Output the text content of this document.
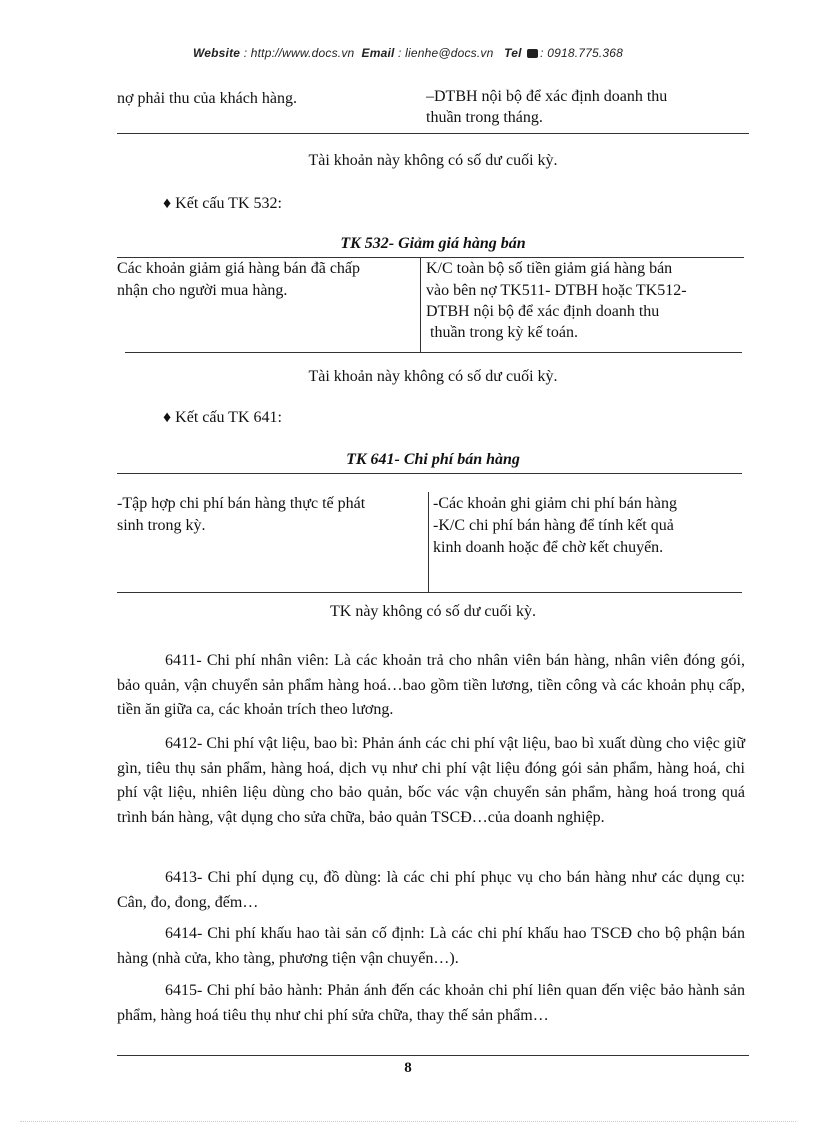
Website : http://www.docs.vn Email : lienhe@docs.vn Tel : 0918.775.368
nợ phải thu của khách hàng.	–DTBH nội bộ để xác định doanh thu
thuần trong tháng.
Tài khoản này không có số dư cuối kỳ.
♦ Kết cấu TK 532:
TK 532- Giảm giá hàng bán
Các khoản giảm giá hàng bán đã chấp
nhận cho người mua hàng.
K/C toàn bộ số tiền giảm giá hàng bán
vào bên nợ TK511- DTBH hoặc TK512-
DTBH nội bộ để xác định doanh thu
thuần trong kỳ kế toán.
Tài khoản này không có số dư cuối kỳ.
♦ Kết cấu TK 641:
TK 641- Chi phí bán hàng
-Tập hợp chi phí bán hàng thực tế phát
sinh trong kỳ.
-Các khoản ghi giảm chi phí bán hàng
-K/C chi phí bán hàng để tính kết quả
kinh doanh hoặc để chờ kết chuyển.
TK này không có số dư cuối kỳ.
6411- Chi phí nhân viên: Là các khoản trả cho nhân viên bán hàng, nhân viên đóng gói, bảo quản, vận chuyển sản phẩm hàng hoá…bao gồm tiền lương, tiền công và các khoản phụ cấp, tiền ăn giữa ca, các khoản trích theo lương.
6412- Chi phí vật liệu, bao bì: Phản ánh các chi phí vật liệu, bao bì xuất dùng cho việc giữ gìn, tiêu thụ sản phẩm, hàng hoá, dịch vụ như chi phí vật liệu đóng gói sản phẩm, hàng hoá, chi phí vật liệu, nhiên liệu dùng cho bảo quản, bốc vác vận chuyển sản phẩm, hàng hoá trong quá trình bán hàng, vật dụng cho sửa chữa, bảo quản TSCĐ…của doanh nghiệp.
6413- Chi phí dụng cụ, đồ dùng: là các chi phí phục vụ cho bán hàng như các dụng cụ: Cân, đo, đong, đếm…
6414- Chi phí khấu hao tài sản cố định: Là các chi phí khấu hao TSCĐ cho bộ phận bán hàng (nhà cửa, kho tàng, phương tiện vận chuyển…).
6415- Chi phí bảo hành: Phản ánh đến các khoản chi phí liên quan đến việc bảo hành sản phẩm, hàng hoá tiêu thụ như chi phí sửa chữa, thay thế sản phẩm…
8
